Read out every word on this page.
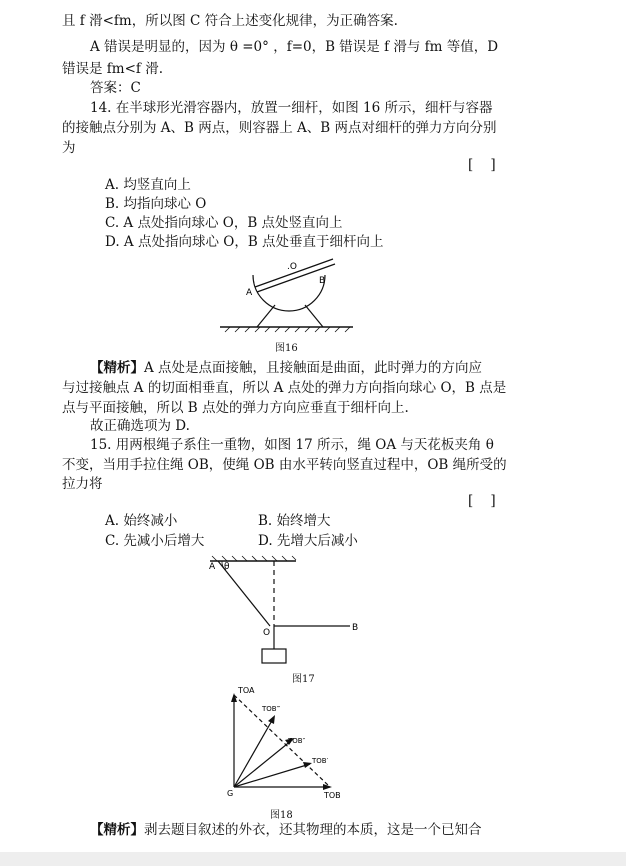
且 f 滑<fm，所以图 C 符合上述变化规律，为正确答案.
A 错误是明显的，因为 θ =0° ，f=0，B 错误是 f 滑与 fm 等值，D
错误是 fm<f 滑.
答案：C
14. 在半球形光滑容器内，放置一细杆，如图 16 所示，细杆与容器
的接触点分别为 A、B 两点，则容器上 A、B 两点对细杆的弹力方向分别
为
[    ]
A. 均竖直向上
B. 均指向球心 O
C. A 点处指向球心 O，B 点处竖直向上
D. A 点处指向球心 O，B 点处垂直于细杆向上
.O
A
B
图16
【精析】A 点处是点面接触，且接触面是曲面，此时弹力的方向应
与过接触点 A 的切面相垂直，所以 A 点处的弹力方向指向球心 O，B 点是
点与平面接触，所以 B 点处的弹力方向应垂直于细杆向上.
故正确选项为 D.
15. 用两根绳子系住一重物，如图 17 所示，绳 OA 与天花板夹角 θ
不变，当用手拉住绳 OB，使绳 OB 由水平转向竖直过程中，OB 绳所受的
拉力将
[    ]
A. 始终减小	B. 始终增大
C. 先减小后增大	D. 先增大后减小
A θ
O	B
图17
TOA
TOB‴
TOB″
TOB′
G	TOB
图18
【精析】剥去题目叙述的外衣，还其物理的本质，这是一个已知合
